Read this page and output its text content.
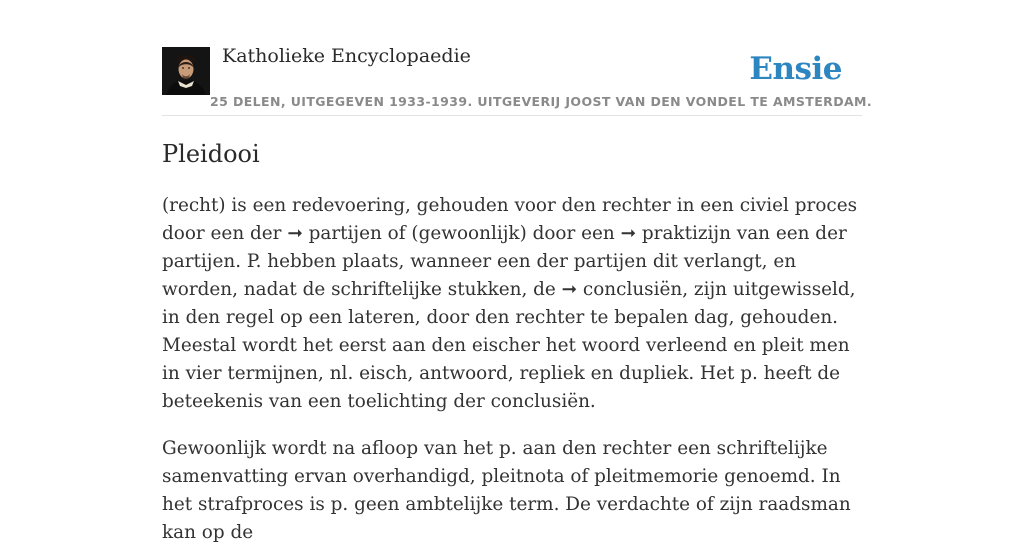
Katholieke Encyclopaedie	Ensie
25 DELEN, UITGEGEVEN 1933-1939. UITGEVERIJ JOOST VAN DEN VONDEL TE AMSTERDAM.
Pleidooi

(recht) is een redevoering, gehouden voor den rechter in een civiel proces door een der ➞ partijen of (gewoonlijk) door een ➞ praktizijn van een der partijen. P. hebben plaats, wanneer een der partijen dit verlangt, en worden, nadat de schriftelijke stukken, de ➞ conclusiën, zijn uitgewisseld, in den regel op een lateren, door den rechter te bepalen dag, gehouden. Meestal wordt het eerst aan den eischer het woord verleend en pleit men in vier termijnen, nl. eisch, antwoord, repliek en dupliek. Het p. heeft de beteekenis van een toelichting der conclusiën.

Gewoonlijk wordt na afloop van het p. aan den rechter een schriftelijke samenvatting ervan overhandigd, pleitnota of pleitmemorie genoemd. In het strafproces is p. geen ambtelijke term. De verdachte of zijn raadsman kan op de
